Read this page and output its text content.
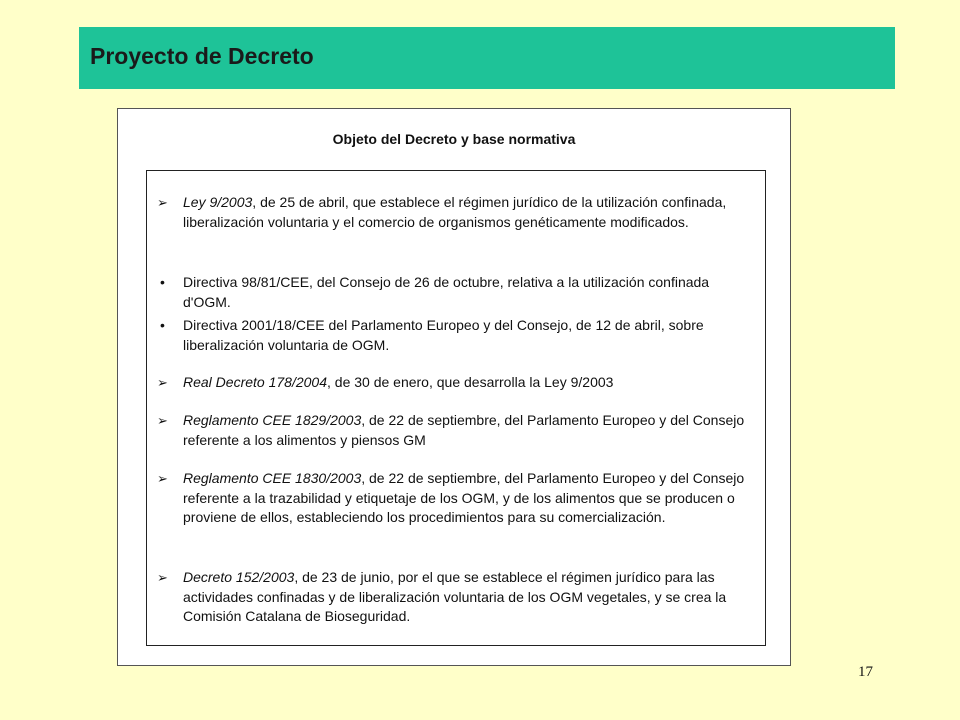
Proyecto de Decreto
Objeto del Decreto y base normativa
➢	Ley 9/2003, de 25 de abril, que establece el régimen jurídico de la utilización confinada, liberalización voluntaria y el comercio de organismos genéticamente modificados.
•	Directiva 98/81/CEE, del Consejo de 26 de octubre, relativa a la utilización confinada d'OGM.
•	Directiva 2001/18/CEE del Parlamento Europeo y del Consejo, de 12 de abril, sobre liberalización voluntaria de OGM.
➢	Real Decreto 178/2004, de 30 de enero, que desarrolla la Ley 9/2003
➢	Reglamento CEE 1829/2003, de 22 de septiembre, del Parlamento Europeo y del Consejo referente a los alimentos y piensos GM
➢	Reglamento CEE 1830/2003, de 22 de septiembre, del Parlamento Europeo y del Consejo referente a la trazabilidad y etiquetaje de los OGM, y de los alimentos que se producen o proviene de ellos, estableciendo los procedimientos para su comercialización.
➢	Decreto 152/2003, de 23 de junio, por el que se establece el régimen jurídico para las actividades confinadas y de liberalización voluntaria de los OGM vegetales, y se crea la Comisión Catalana de Bioseguridad.
17
